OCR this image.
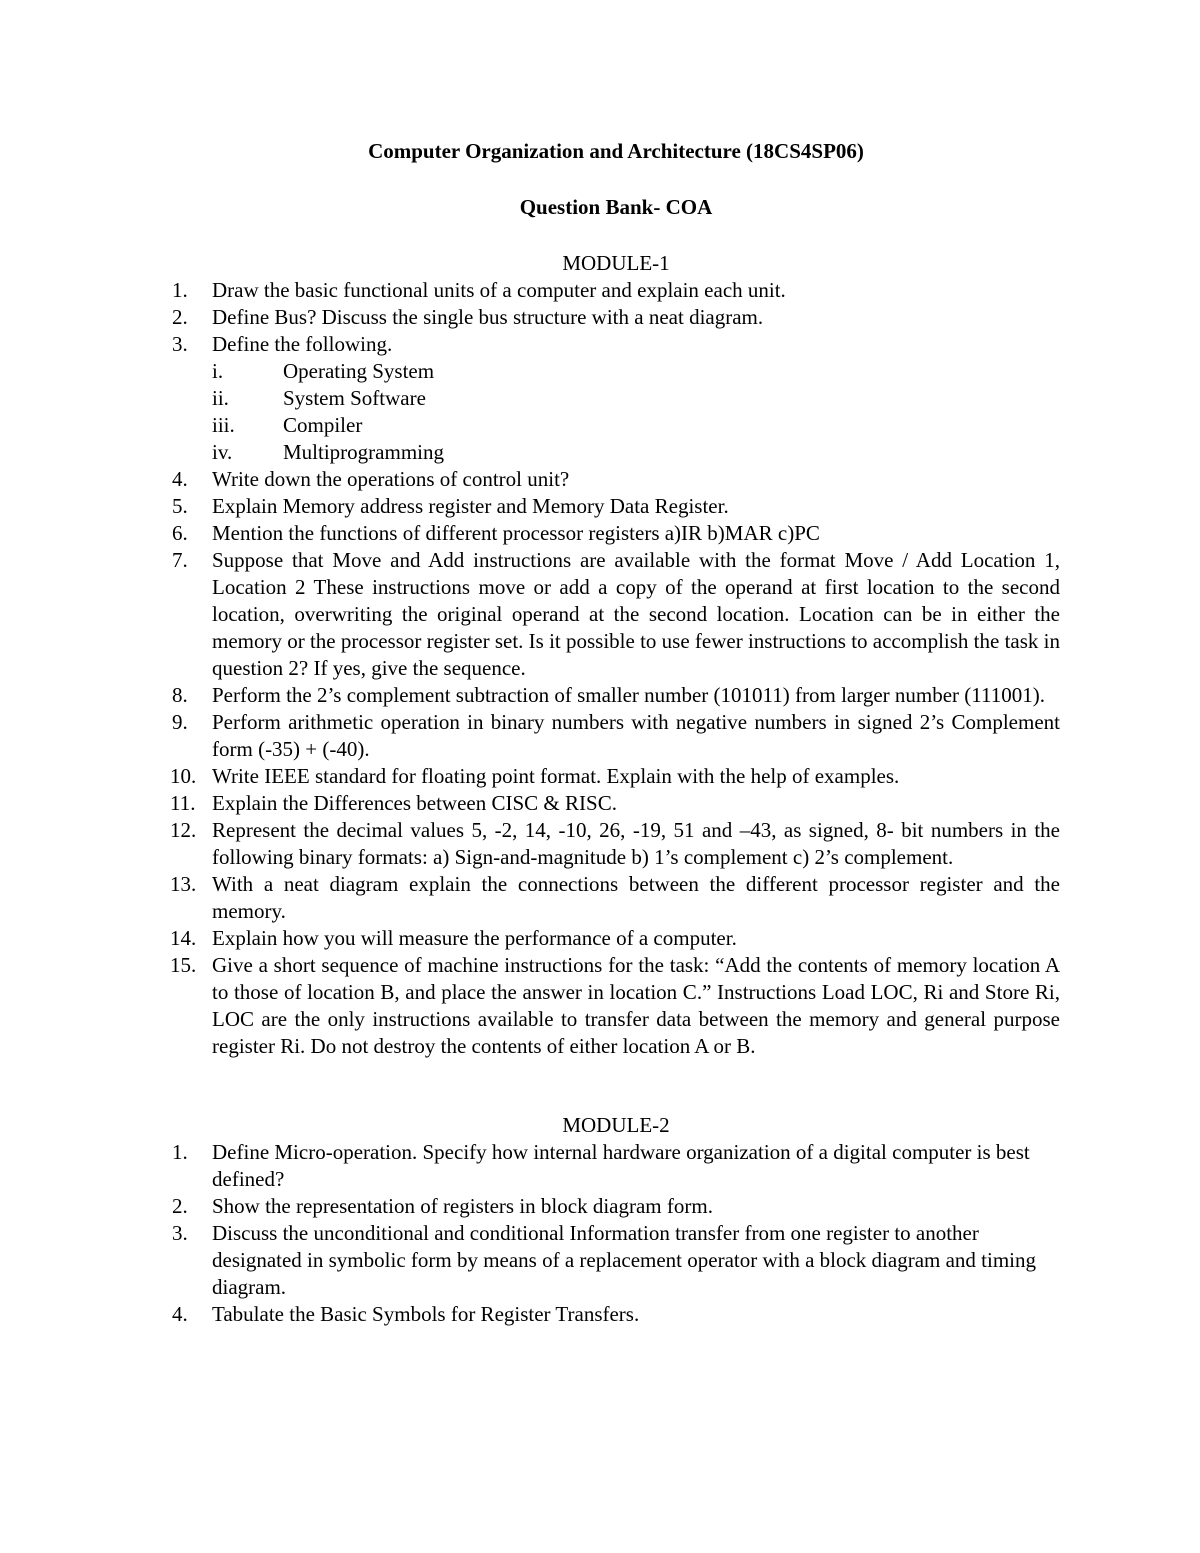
Computer Organization and Architecture (18CS4SP06)
Question Bank- COA
MODULE-1
1.	Draw the basic functional units of a computer and explain each unit.
2.	Define Bus? Discuss the single bus structure with a neat diagram.
3.	Define the following.
i.	Operating System
ii.	System Software
iii. Compiler
iv. Multiprogramming
4.	Write down the operations of control unit?
5.	Explain Memory address register and Memory Data Register.
6.	Mention the functions of different processor registers a)IR b)MAR c)PC
7.	Suppose that Move and Add instructions are available with the format Move / Add Location 1, Location 2 These instructions move or add a copy of the operand at first location to the second location, overwriting the original operand at the second location. Location can be in either the memory or the processor register set. Is it possible to use fewer instructions to accomplish the task in question 2? If yes, give the sequence.
8.	Perform the 2’s complement subtraction of smaller number (101011) from larger number (111001).
9.	Perform arithmetic operation in binary numbers with negative numbers in signed 2’s Complement form (-35) + (-40).
10. Write IEEE standard for floating point format. Explain with the help of examples.
11. Explain the Differences between CISC & RISC.
12. Represent the decimal values 5, -2, 14, -10, 26, -19, 51 and –43, as signed, 8- bit numbers in the following binary formats: a) Sign-and-magnitude b) 1’s complement c) 2’s complement.
13. With a neat diagram explain the connections between the different processor register and the memory.
14. Explain how you will measure the performance of a computer.
15. Give a short sequence of machine instructions for the task: “Add the contents of memory location A to those of location B, and place the answer in location C.” Instructions Load LOC, Ri and Store Ri, LOC are the only instructions available to transfer data between the memory and general purpose register Ri. Do not destroy the contents of either location A or B.
MODULE-2
1.	Define Micro-operation. Specify how internal hardware organization of a digital computer is best defined?
2.	Show the representation of registers in block diagram form.
3.	Discuss the unconditional and conditional Information transfer from one register to another designated in symbolic form by means of a replacement operator with a block diagram and timing diagram.
4.	Tabulate the Basic Symbols for Register Transfers.
